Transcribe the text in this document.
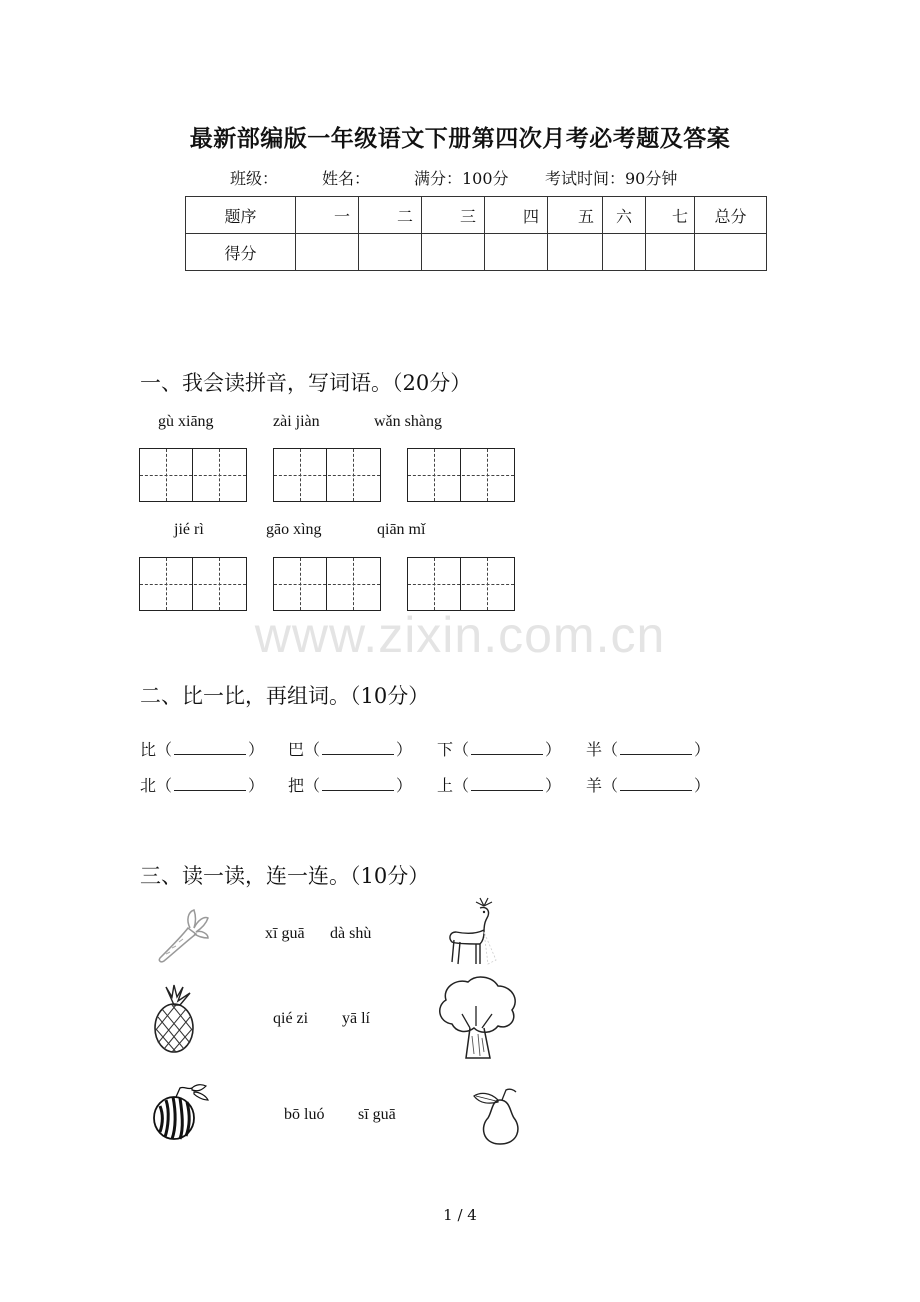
最新部编版一年级语文下册第四次月考必考题及答案
班级：	姓名：	满分：100分 考试时间：90分钟
题序	一	二	三	四	五	六	七	总分
得分								
一、我会读拼音，写词语。（20分）
gù xiāng	zài jiàn	wǎn shàng
jié rì	gāo xìng	qiān mǐ
www.zixin.com.cn
二、比一比，再组词。（10分）
比（	） 巴（	） 下（	） 半（	）
北（	） 把（	） 上（	） 羊（	）
三、读一读，连一连。（10分）
xī guā dà shù
qié zi yā lí
bō luó sī guā
1 / 4
